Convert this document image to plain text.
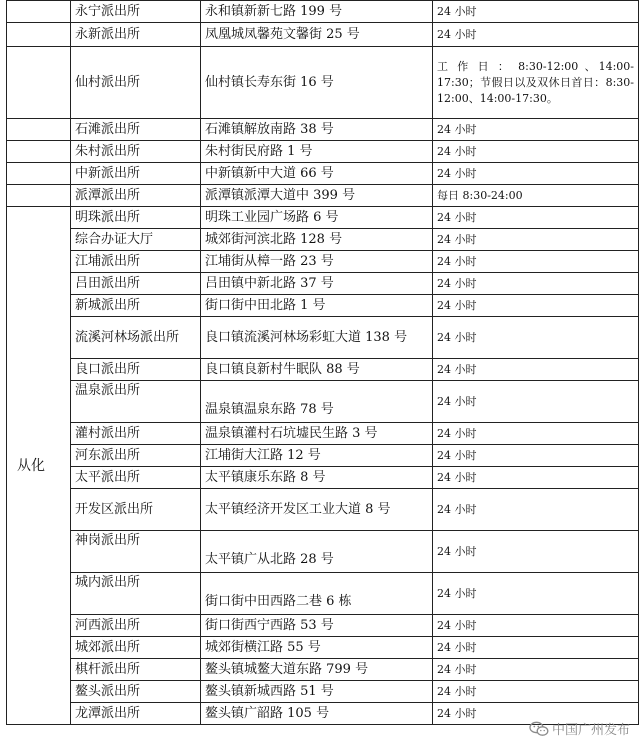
	永宁派出所	永和镇新新七路 199 号	24 小时
	永新派出所	凤凰城凤馨苑文馨街 25 号	24 小时
	仙村派出所	仙村镇长寿东街 16 号	工 作 日 ： 8:30-12:00 、14:00-17:30；节假日以及双休日首日：8:30-12:00、14:00-17:30。
	石滩派出所	石滩镇解放南路 38 号	24 小时
	朱村派出所	朱村街民府路 1 号	24 小时
	中新派出所	中新镇新中大道 66 号	24 小时
	派潭派出所	派潭镇派潭大道中 399 号	每日 8:30-24:00
从化	明珠派出所	明珠工业园广场路 6 号	24 小时
	综合办证大厅	城郊街河滨北路 128 号	24 小时
	江埔派出所	江埔街从樟一路 23 号	24 小时
	吕田派出所	吕田镇中新北路 37 号	24 小时
	新城派出所	街口街中田北路 1 号	24 小时
	流溪河林场派出所	良口镇流溪河林场彩虹大道 138 号	24 小时
	良口派出所	良口镇良新村牛眠队 88 号	24 小时
	温泉派出所	温泉镇温泉东路 78 号	24 小时
	灌村派出所	温泉镇灌村石坑墟民生路 3 号	24 小时
	河东派出所	江埔街大江路 12 号	24 小时
	太平派出所	太平镇康乐东路 8 号	24 小时
	开发区派出所	太平镇经济开发区工业大道 8 号	24 小时
	神岗派出所	太平镇广从北路 28 号	24 小时
	城内派出所	街口街中田西路二巷 6 栋	24 小时
	河西派出所	街口街西宁西路 53 号	24 小时
	城郊派出所	城郊街横江路 55 号	24 小时
	棋杆派出所	鳌头镇城鳌大道东路 799 号	24 小时
	鳌头派出所	鳌头镇新城西路 51 号	24 小时
	龙潭派出所	鳌头镇广韶路 105 号	24 小时
中国广州发布
